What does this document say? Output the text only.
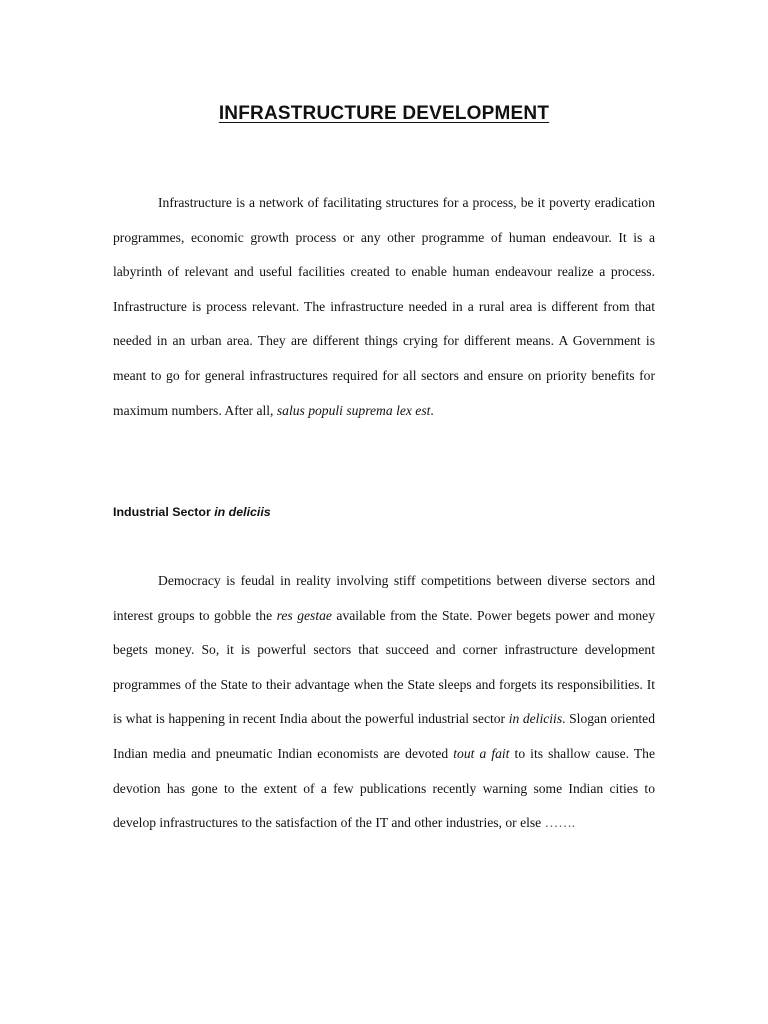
INFRASTRUCTURE DEVELOPMENT

Infrastructure is a network of facilitating structures for a process, be it poverty eradication programmes, economic growth process or any other programme of human endeavour. It is a labyrinth of relevant and useful facilities created to enable human endeavour realize a process. Infrastructure is process relevant. The infrastructure needed in a rural area is different from that needed in an urban area. They are different things crying for different means. A Government is meant to go for general infrastructures required for all sectors and ensure on priority benefits for maximum numbers. After all, salus populi suprema lex est.

Industrial Sector in deliciis

Democracy is feudal in reality involving stiff competitions between diverse sectors and interest groups to gobble the res gestae available from the State. Power begets power and money begets money. So, it is powerful sectors that succeed and corner infrastructure development programmes of the State to their advantage when the State sleeps and forgets its responsibilities. It is what is happening in recent India about the powerful industrial sector in deliciis. Slogan oriented Indian media and pneumatic Indian economists are devoted tout a fait to its shallow cause. The devotion has gone to the extent of a few publications recently warning some Indian cities to develop infrastructures to the satisfaction of the IT and other industries, or else …….
